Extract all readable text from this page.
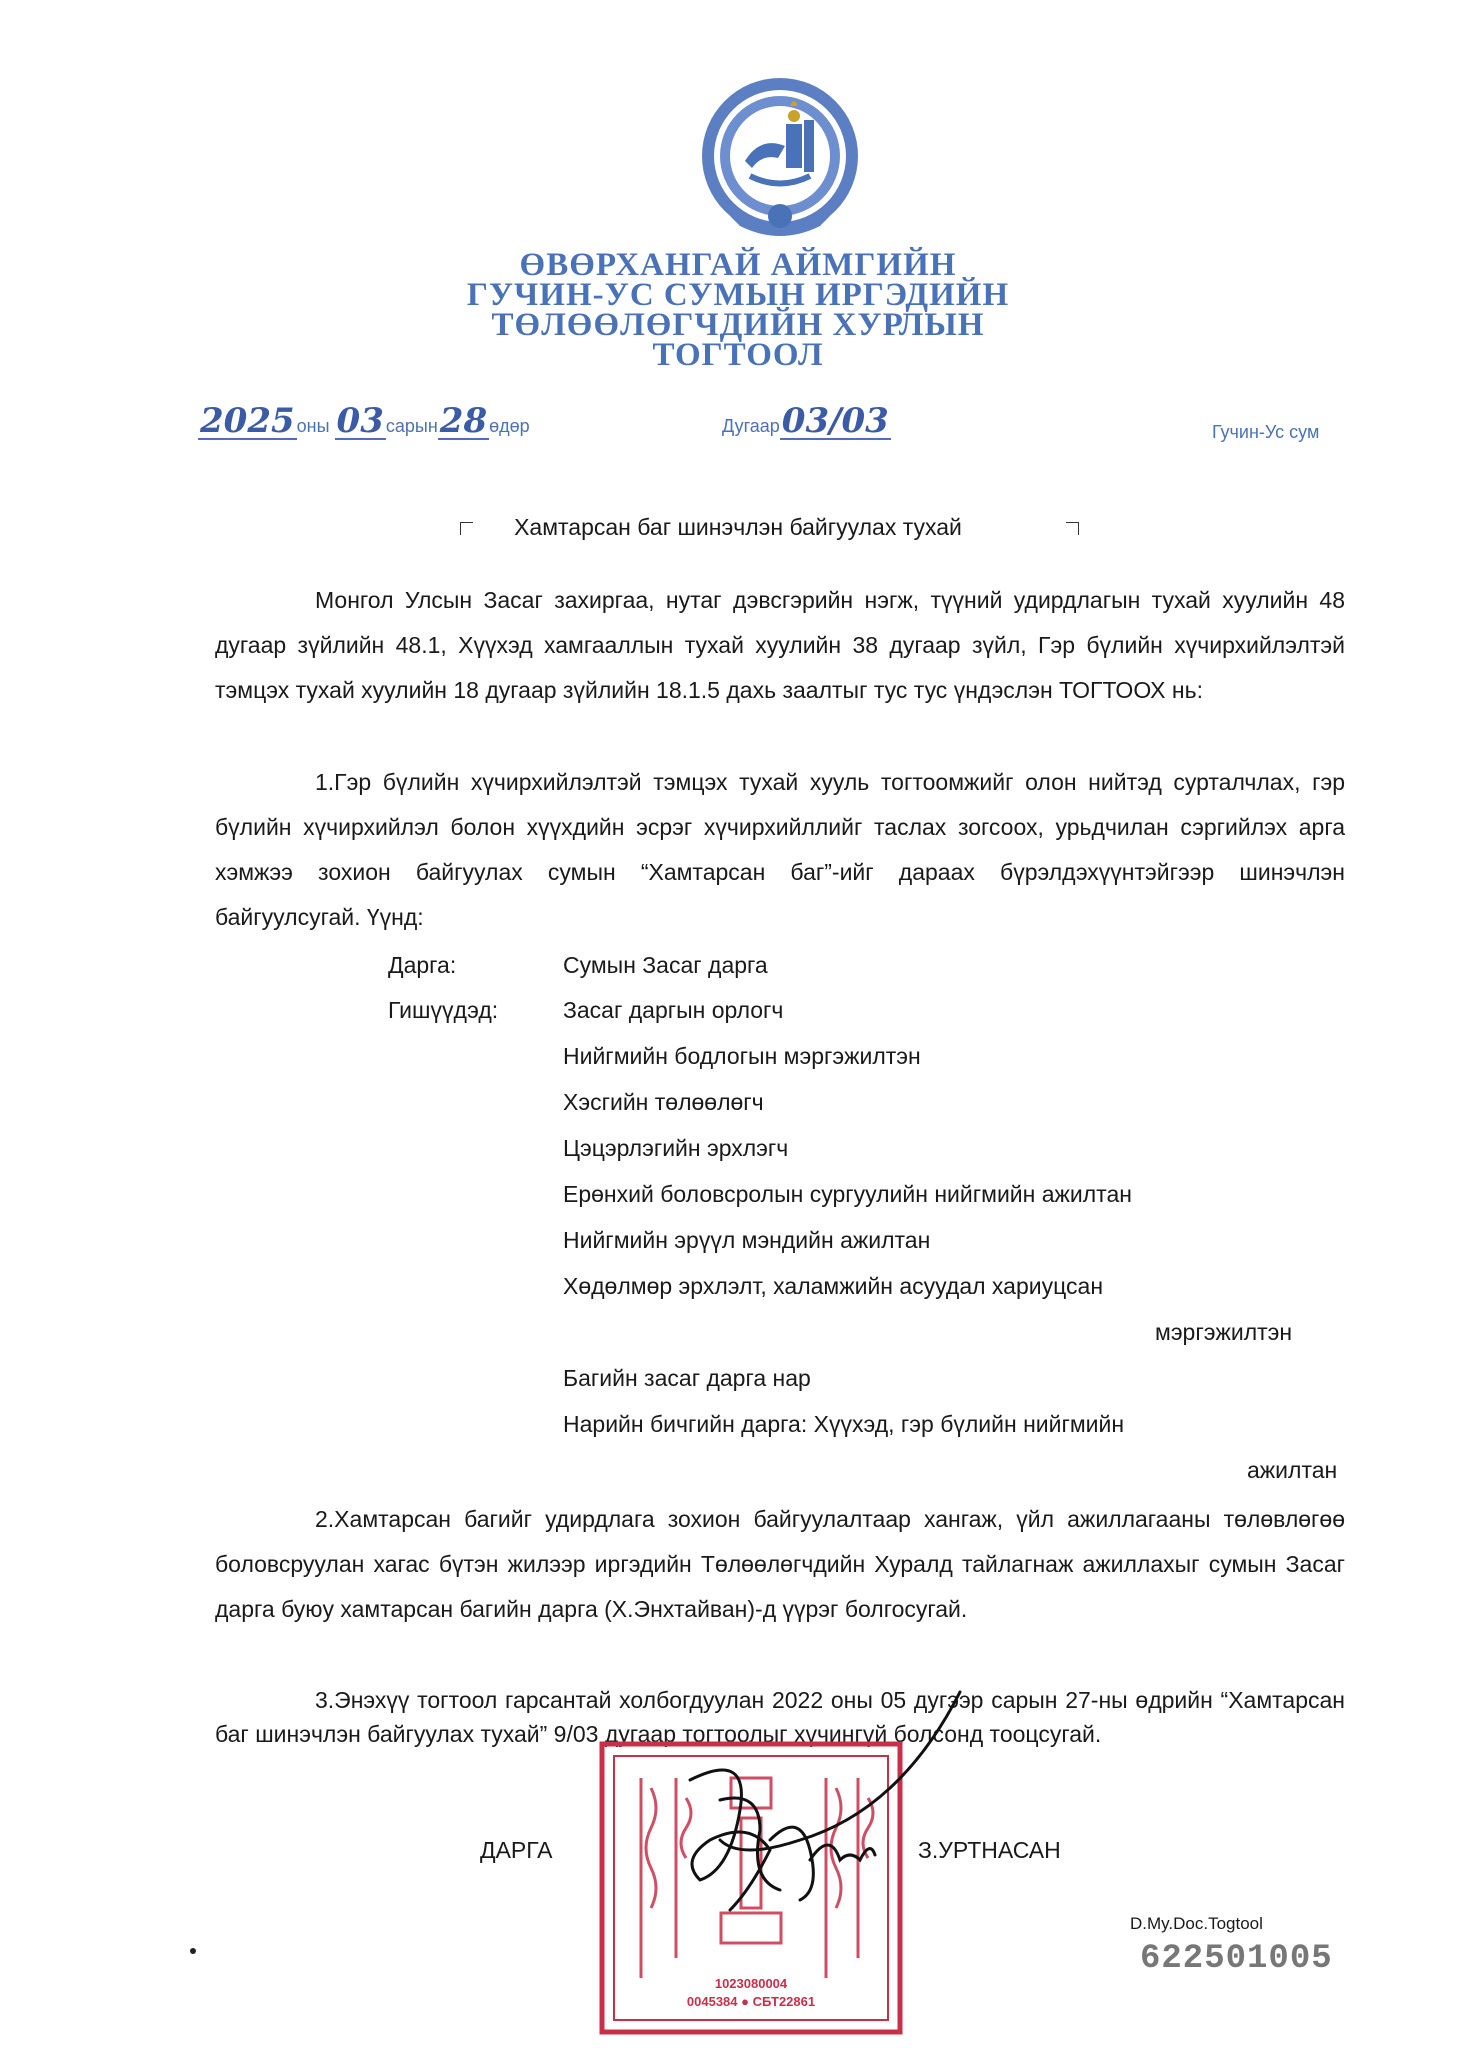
ӨВӨРХАНГАЙ АЙМГИЙН
ГУЧИН-УС СУМЫН ИРГЭДИЙН
ТӨЛӨӨЛӨГЧДИЙН ХУРЛЫН
ТОГТООЛ
2025 оны 03 сарын28 өдөр	Дугаар03/03	Гучин-Ус сум
Хамтарсан баг шинэчлэн байгуулах тухай
Монгол Улсын Засаг захиргаа, нутаг дэвсгэрийн нэгж, түүний удирдлагын тухай хуулийн 48 дугаар зүйлийн 48.1, Хүүхэд хамгааллын тухай хуулийн 38 дугаар зүйл, Гэр бүлийн хүчирхийлэлтэй тэмцэх тухай хуулийн 18 дугаар зүйлийн 18.1.5 дахь заалтыг тус тус үндэслэн ТОГТООХ нь:
1.Гэр бүлийн хүчирхийлэлтэй тэмцэх тухай хууль тогтоомжийг олон нийтэд сурталчлах, гэр бүлийн хүчирхийлэл болон хүүхдийн эсрэг хүчирхийллийг таслах зогсоох, урьдчилан сэргийлэх арга хэмжээ зохион байгуулах сумын “Хамтарсан баг”-ийг дараах бүрэлдэхүүнтэйгээр шинэчлэн байгуулсугай. Үүнд:
Дарга:	Сумын Засаг дарга
Гишүүдэд:	Засаг даргын орлогч
Нийгмийн бодлогын мэргэжилтэн
Хэсгийн төлөөлөгч
Цэцэрлэгийн эрхлэгч
Ерөнхий боловсролын сургуулийн нийгмийн ажилтан
Нийгмийн эрүүл мэндийн ажилтан
Хөдөлмөр эрхлэлт, халамжийн асуудал хариуцсан
мэргэжилтэн
Багийн засаг дарга нар
Нарийн бичгийн дарга: Хүүхэд, гэр бүлийн нийгмийн
ажилтан
2.Хамтарсан багийг удирдлага зохион байгуулалтаар хангаж, үйл ажиллагааны төлөвлөгөө боловсруулан хагас бүтэн жилээр иргэдийн Төлөөлөгчдийн Хуралд тайлагнаж ажиллахыг сумын Засаг дарга буюу хамтарсан багийн дарга (Х.Энхтайван)-д үүрэг болгосугай.
3.Энэхүү тогтоол гарсантай холбогдуулан 2022 оны 05 дугээр сарын 27-ны өдрийн “Хамтарсан баг шинэчлэн байгуулах тухай” 9/03 дугаар тогтоолыг хүчингүй болсонд тооцсугай.
1023080004
0045384 ● СБТ22861
ДАРГА	З.УРТНАСАН
D.My.Doc.Togtool
622501005
